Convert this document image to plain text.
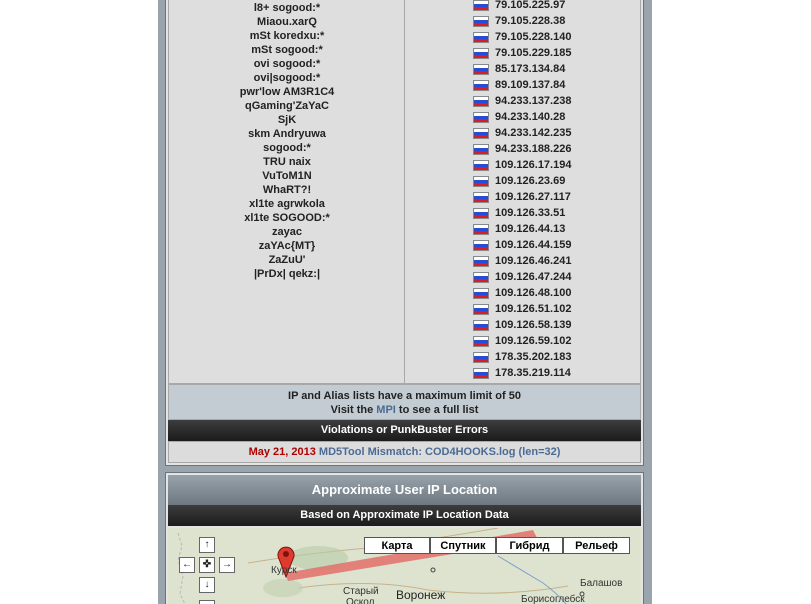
l8+ sogood:*
Miaou.xarQ
mSt koredxu:*
mSt sogood:*
ovi sogood:*
ovi|sogood:*
pwr'low AM3R1C4
qGaming'ZaYaC
SjK
skm Andryuwa
sogood:*
TRU naix
VuToM1N
WhaRT?!
xl1te agrwkola
xl1te SOGOOD:*
zayac
zaYAc{MT}
ZaZuU'
|PrDx| qekz:|
79.105.225.97
79.105.228.38
79.105.228.140
79.105.229.185
85.173.134.84
89.109.137.84
94.233.137.238
94.233.140.28
94.233.142.235
94.233.188.226
109.126.17.194
109.126.23.69
109.126.27.117
109.126.33.51
109.126.44.13
109.126.44.159
109.126.46.241
109.126.47.244
109.126.48.100
109.126.51.102
109.126.58.139
109.126.59.102
178.35.202.183
178.35.219.114
IP and Alias lists have a maximum limit of 50
Visit the MPI to see a full list
Violations or PunkBuster Errors
May 21, 2013 MD5Tool Mismatch: COD4HOOKS.log (len=32)
Approximate User IP Location
Based on Approximate IP Location Data
↑
←	✜	→
↓
Курск
Старый
Оскол
Воронеж
Балашов
Борисоглебск
Карта	Спутник	Гибрид	Рельеф
